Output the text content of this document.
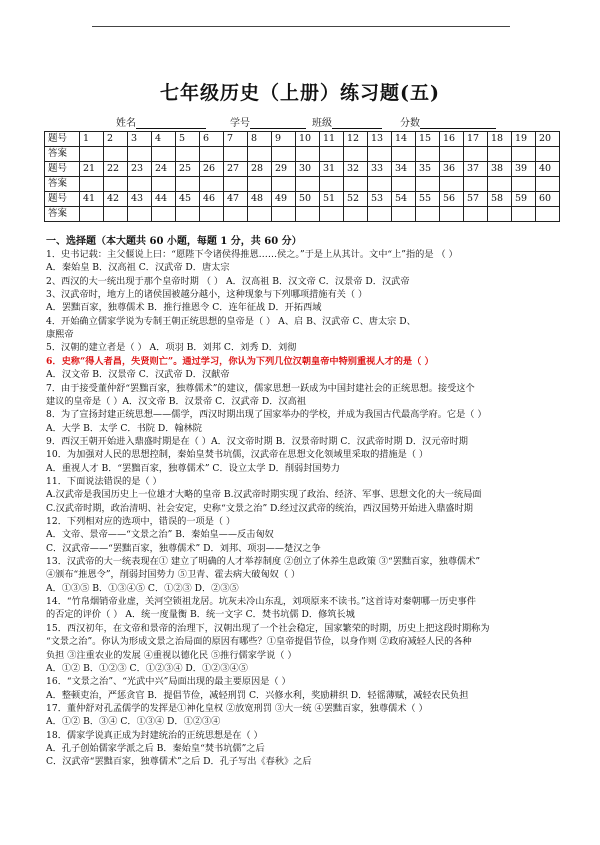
七年级历史（上册）练习题(五)
姓名	学号	班级	分数
题号	1	2	3	4	5	6	7	8	9	10	11	12	13	14	15	16	17	18	19	20
答案																				
题号	21	22	23	24	25	26	27	28	29	30	31	32	33	34	35	36	37	38	39	40
答案																				
题号	41	42	43	44	45	46	47	48	49	50	51	52	53	54	55	56	57	58	59	60
答案																				
一、选择题（本大题共 60 小题，每题 1 分，共 60 分）
1．史书记载：主父偃说上曰：“愿陛下令诸侯得推恩……侯之。”于是上从其计。文中“上”指的是 （ ）
A．秦始皇 B．汉高祖 C．汉武帝 D．唐太宗
2、西汉的大一统出现于那个皇帝时期 （ ） A．汉高祖 B．汉文帝 C．汉景帝 D．汉武帝
3、汉武帝时，地方上的诸侯国被越分越小，这种现象与下列哪项措施有关（ ）
A．罢黜百家，独尊儒术 B．推行推恩令 C．连年征战 D．开拓西域
4．开始确立儒家学说为专制王朝正统思想的皇帝是（ ） A、启 B、汉武帝 C、唐太宗 D、
康熙帝
5．汉朝的建立者是（ ） A．项羽 B．刘邦 C．刘秀 D．刘彻
6．史称“得人者昌，失贤则亡”。通过学习，你认为下列几位汉朝皇帝中特别重视人才的是（ ）
A．汉文帝 B．汉景帝 C．汉武帝 D．汉献帝
7．由于接受董仲舒“罢黜百家，独尊儒术”的建议，儒家思想一跃成为中国封建社会的正统思想。接受这个
建议的皇帝是（ ）A．汉文帝 B．汉景帝 C．汉武帝 D．汉高祖
8．为了宣扬封建正统思想——儒学，西汉时期出现了国家举办的学校，并成为我国古代最高学府。它是（ ）
A．大学 B．太学 C．书院 D．翰林院
9．西汉王朝开始进入鼎盛时期是在（ ）A．汉文帝时期 B．汉景帝时期 C．汉武帝时期 D．汉元帝时期
10．为加强对人民的思想控制，秦始皇焚书坑儒，汉武帝在思想文化领域里采取的措施是（ ）
A．重视人才 B．“罢黜百家，独尊儒术” C．设立太学 D．削弱封国势力
11．下面说法错误的是（ ）
A.汉武帝是我国历史上一位雄才大略的皇帝 B.汉武帝时期实现了政治、经济、军事、思想文化的大一统局面
C.汉武帝时期，政治清明、社会安定，史称“文景之治” D.经过汉武帝的统治，西汉国势开始进入鼎盛时期
12．下列相对应的选项中，错误的一项是（ ）
A．文帝、景帝——“文景之治” B．秦始皇——反击匈奴
C．汉武帝——“罢黜百家，独尊儒术” D．刘邦、项羽——楚汉之争
13．汉武帝的大一统表现在① 建立了明确的人才举荐制度 ②创立了休养生息政策 ③“罢黜百家，独尊儒术”
④颁布“推恩令”，削弱封国势力 ⑤卫青、霍去病大破匈奴（ ）
A．①③⑤ B．①③④⑤ C．①②③ D．②③⑤
14．“竹帛烟销帝业虚，关河空锁祖龙居。坑灰未冷山东乱，刘项原来不读书。”这首诗对秦朝哪一历史事件
的否定的评价（ ） A．统一度量衡 B．统一文字 C．焚书坑儒 D．修筑长城
15．西汉初年，在文帝和景帝的治理下，汉朝出现了一个社会稳定，国家繁荣的时期，历史上把这段时期称为
“文景之治”。你认为形成文景之治局面的原因有哪些？①皇帝提倡节俭，以身作则 ②政府减轻人民的各种
负担 ③注重农业的发展 ④重视以德化民 ⑤推行儒家学说（ ）
A．①② B．①②③ C．①②③④ D．①②③④⑤
16．“文景之治”、“光武中兴”局面出现的最主要原因是（ ）
A．整顿吏治，严惩贪官 B．提倡节俭，减轻刑罚 C．兴修水利，奖励耕织 D．轻徭薄赋，减轻农民负担
17．董仲舒对孔孟儒学的发挥是①神化皇权 ②放宽刑罚 ③大一统 ④罢黜百家，独尊儒术（ ）
A．①② B．③④ C．①③④ D．①②③④
18．儒家学说真正成为封建统治的正统思想是在（ ）
A．孔子创始儒家学派之后 B．秦始皇“焚书坑儒”之后
C．汉武帝“罢黜百家，独尊儒术”之后 D．孔子写出《春秋》之后
